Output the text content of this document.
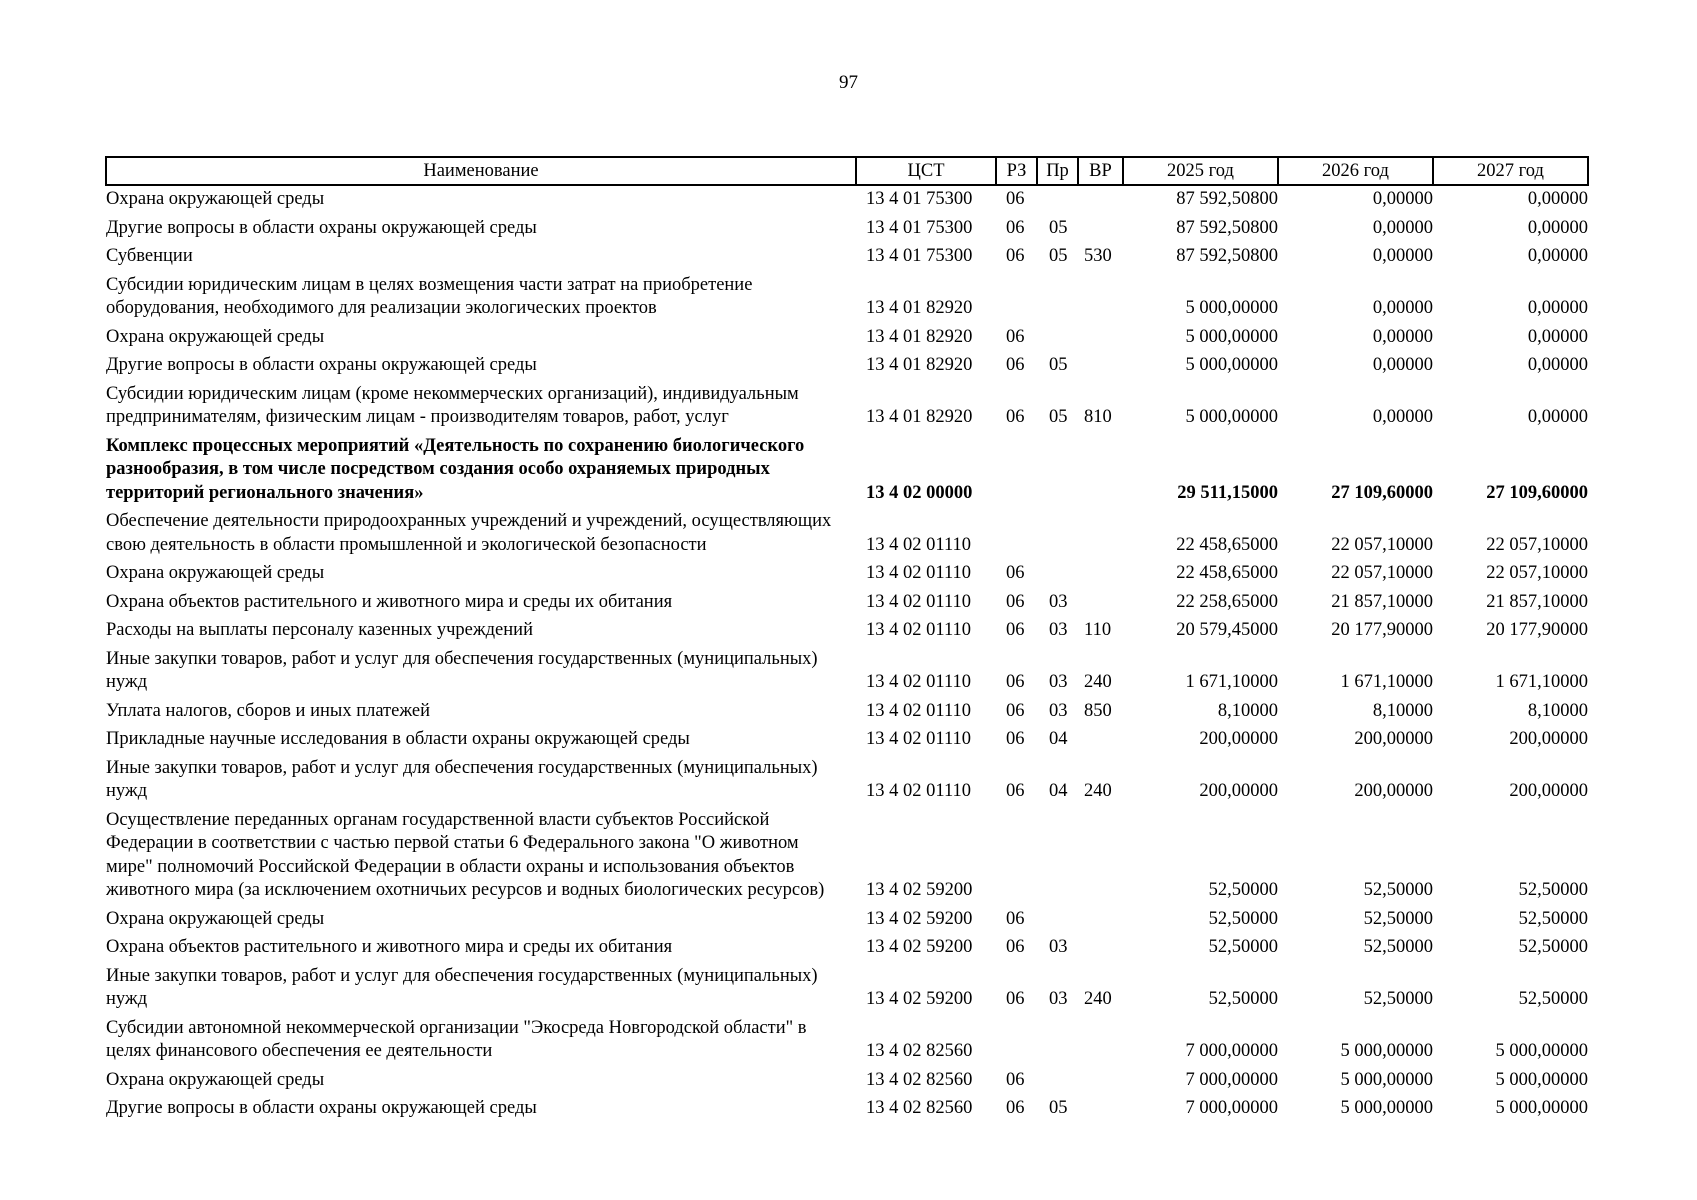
97
Наименование	ЦСТ	РЗ	Пр	ВР	2025 год	2026 год	2027 год
Охрана окружающей среды	13 4 01 75300	06			87 592,50800	0,00000	0,00000
Другие вопросы в области охраны окружающей среды	13 4 01 75300	06	05		87 592,50800	0,00000	0,00000
Субвенции	13 4 01 75300	06	05	530	87 592,50800	0,00000	0,00000
Субсидии юридическим лицам в целях возмещения части затрат на приобретение оборудования, необходимого для реализации экологических проектов	13 4 01 82920				5 000,00000	0,00000	0,00000
Охрана окружающей среды	13 4 01 82920	06			5 000,00000	0,00000	0,00000
Другие вопросы в области охраны окружающей среды	13 4 01 82920	06	05		5 000,00000	0,00000	0,00000
Субсидии юридическим лицам (кроме некоммерческих организаций), индивидуальным предпринимателям, физическим лицам - производителям товаров, работ, услуг	13 4 01 82920	06	05	810	5 000,00000	0,00000	0,00000
Комплекс процессных мероприятий «Деятельность по сохранению биологического разнообразия, в том числе посредством создания особо охраняемых природных территорий регионального значения»	13 4 02 00000				29 511,15000	27 109,60000	27 109,60000
Обеспечение деятельности природоохранных учреждений и учреждений, осуществляющих свою деятельность в области промышленной и экологической безопасности	13 4 02 01110				22 458,65000	22 057,10000	22 057,10000
Охрана окружающей среды	13 4 02 01110	06			22 458,65000	22 057,10000	22 057,10000
Охрана объектов растительного и животного мира и среды их обитания	13 4 02 01110	06	03		22 258,65000	21 857,10000	21 857,10000
Расходы на выплаты персоналу казенных учреждений	13 4 02 01110	06	03	110	20 579,45000	20 177,90000	20 177,90000
Иные закупки товаров, работ и услуг для обеспечения государственных (муниципальных) нужд	13 4 02 01110	06	03	240	1 671,10000	1 671,10000	1 671,10000
Уплата налогов, сборов и иных платежей	13 4 02 01110	06	03	850	8,10000	8,10000	8,10000
Прикладные научные исследования в области охраны окружающей среды	13 4 02 01110	06	04		200,00000	200,00000	200,00000
Иные закупки товаров, работ и услуг для обеспечения государственных (муниципальных) нужд	13 4 02 01110	06	04	240	200,00000	200,00000	200,00000
Осуществление переданных органам государственной власти субъектов Российской Федерации в соответствии с частью первой статьи 6 Федерального закона "О животном мире" полномочий Российской Федерации в области охраны и использования объектов животного мира (за исключением охотничьих ресурсов и водных биологических ресурсов)	13 4 02 59200				52,50000	52,50000	52,50000
Охрана окружающей среды	13 4 02 59200	06			52,50000	52,50000	52,50000
Охрана объектов растительного и животного мира и среды их обитания	13 4 02 59200	06	03		52,50000	52,50000	52,50000
Иные закупки товаров, работ и услуг для обеспечения государственных (муниципальных) нужд	13 4 02 59200	06	03	240	52,50000	52,50000	52,50000
Субсидии автономной некоммерческой организации "Экосреда Новгородской области" в целях финансового обеспечения ее деятельности	13 4 02 82560				7 000,00000	5 000,00000	5 000,00000
Охрана окружающей среды	13 4 02 82560	06			7 000,00000	5 000,00000	5 000,00000
Другие вопросы в области охраны окружающей среды	13 4 02 82560	06	05		7 000,00000	5 000,00000	5 000,00000
